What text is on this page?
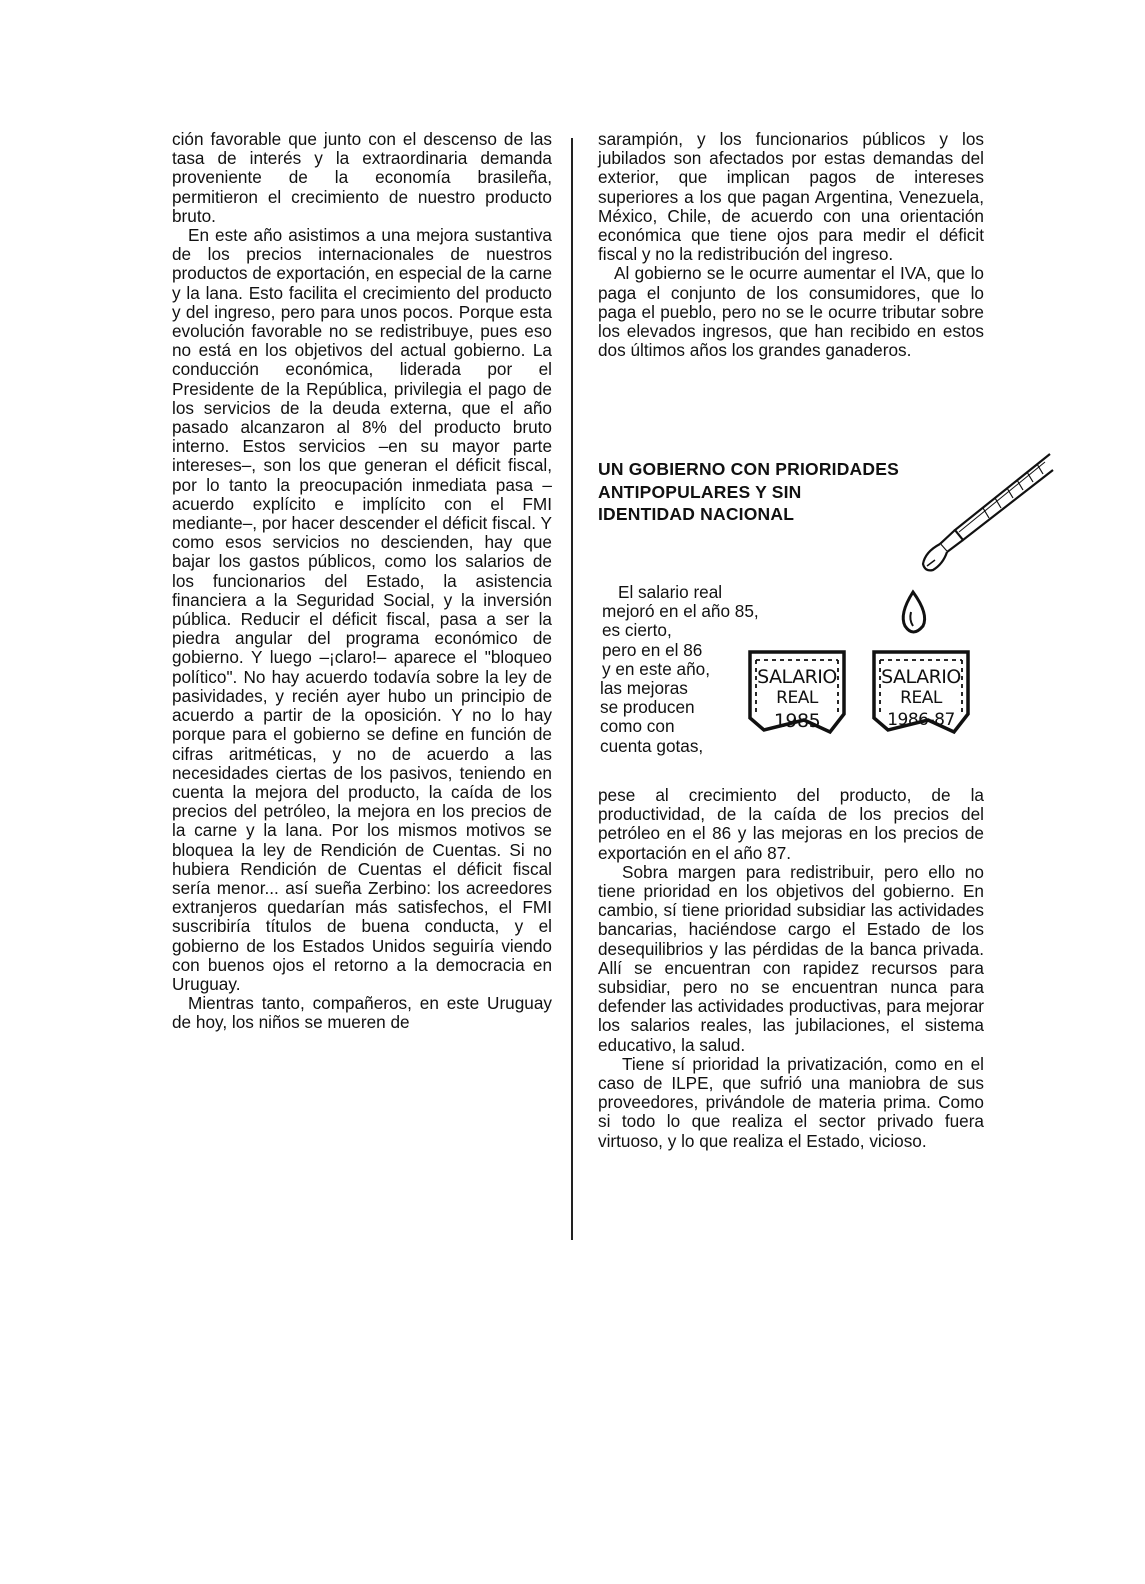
ción favorable que junto con el descenso de las tasa de interés y la extraordinaria demanda proveniente de la economía brasileña, permitieron el crecimiento de nuestro producto bruto.

En este año asistimos a una mejora sustantiva de los precios internacionales de nuestros productos de exportación, en especial de la carne y la lana. Esto facilita el crecimiento del producto y del ingreso, pero para unos pocos. Porque esta evolución favorable no se redistribuye, pues eso no está en los objetivos del actual gobierno. La conducción económica, liderada por el Presidente de la República, privilegia el pago de los servicios de la deuda externa, que el año pasado alcanzaron al 8% del producto bruto interno. Estos servicios –en su mayor parte intereses–, son los que generan el déficit fiscal, por lo tanto la preocupación inmediata pasa –acuerdo explícito e implícito con el FMI mediante–, por hacer descender el déficit fiscal. Y como esos servicios no descienden, hay que bajar los gastos públicos, como los salarios de los funcionarios del Estado, la asistencia financiera a la Seguridad Social, y la inversión pública. Reducir el déficit fiscal, pasa a ser la piedra angular del programa económico de gobierno. Y luego –¡claro!– aparece el "bloqueo político". No hay acuerdo todavía sobre la ley de pasividades, y recién ayer hubo un principio de acuerdo a partir de la oposición. Y no lo hay porque para el gobierno se define en función de cifras aritméticas, y no de acuerdo a las necesidades ciertas de los pasivos, teniendo en cuenta la mejora del producto, la caída de los precios del petróleo, la mejora en los precios de la carne y la lana. Por los mismos motivos se bloquea la ley de Rendición de Cuentas. Si no hubiera Rendición de Cuentas el déficit fiscal sería menor... así sueña Zerbino: los acreedores extranjeros quedarían más satisfechos, el FMI suscribiría títulos de buena conducta, y el gobierno de los Estados Unidos seguiría viendo con buenos ojos el retorno a la democracia en Uruguay.

Mientras tanto, compañeros, en este Uruguay de hoy, los niños se mueren de

sarampión, y los funcionarios públicos y los jubilados son afectados por estas demandas del exterior, que implican pagos de intereses superiores a los que pagan Argentina, Venezuela, México, Chile, de acuerdo con una orientación económica que tiene ojos para medir el déficit fiscal y no la redistribución del ingreso.

Al gobierno se le ocurre aumentar el IVA, que lo paga el conjunto de los consumidores, que lo paga el pueblo, pero no se le ocurre tributar sobre los elevados ingresos, que han recibido en estos dos últimos años los grandes ganaderos.

UN GOBIERNO CON PRIORIDADES
ANTIPOPULARES Y SIN
IDENTIDAD NACIONAL
El salario real
mejoró en el año 85,
es cierto,
pero en el 86
y en este año,
las mejoras
se producen
como con
cuenta gotas,
SALARIO
REAL
1985
SALARIO
REAL
1986-87

pese al crecimiento del producto, de la productividad, de la caída de los precios del petróleo en el 86 y las mejoras en los precios de exportación en el año 87.

Sobra margen para redistribuir, pero ello no tiene prioridad en los objetivos del gobierno. En cambio, sí tiene prioridad subsidiar las actividades bancarias, haciéndose cargo el Estado de los desequilibrios y las pérdidas de la banca privada. Allí se encuentran con rapidez recursos para subsidiar, pero no se encuentran nunca para defender las actividades productivas, para mejorar los salarios reales, las jubilaciones, el sistema educativo, la salud.

Tiene sí prioridad la privatización, como en el caso de ILPE, que sufrió una maniobra de sus proveedores, privándole de materia prima. Como si todo lo que realiza el sector privado fuera virtuoso, y lo que realiza el Estado, vicioso.
